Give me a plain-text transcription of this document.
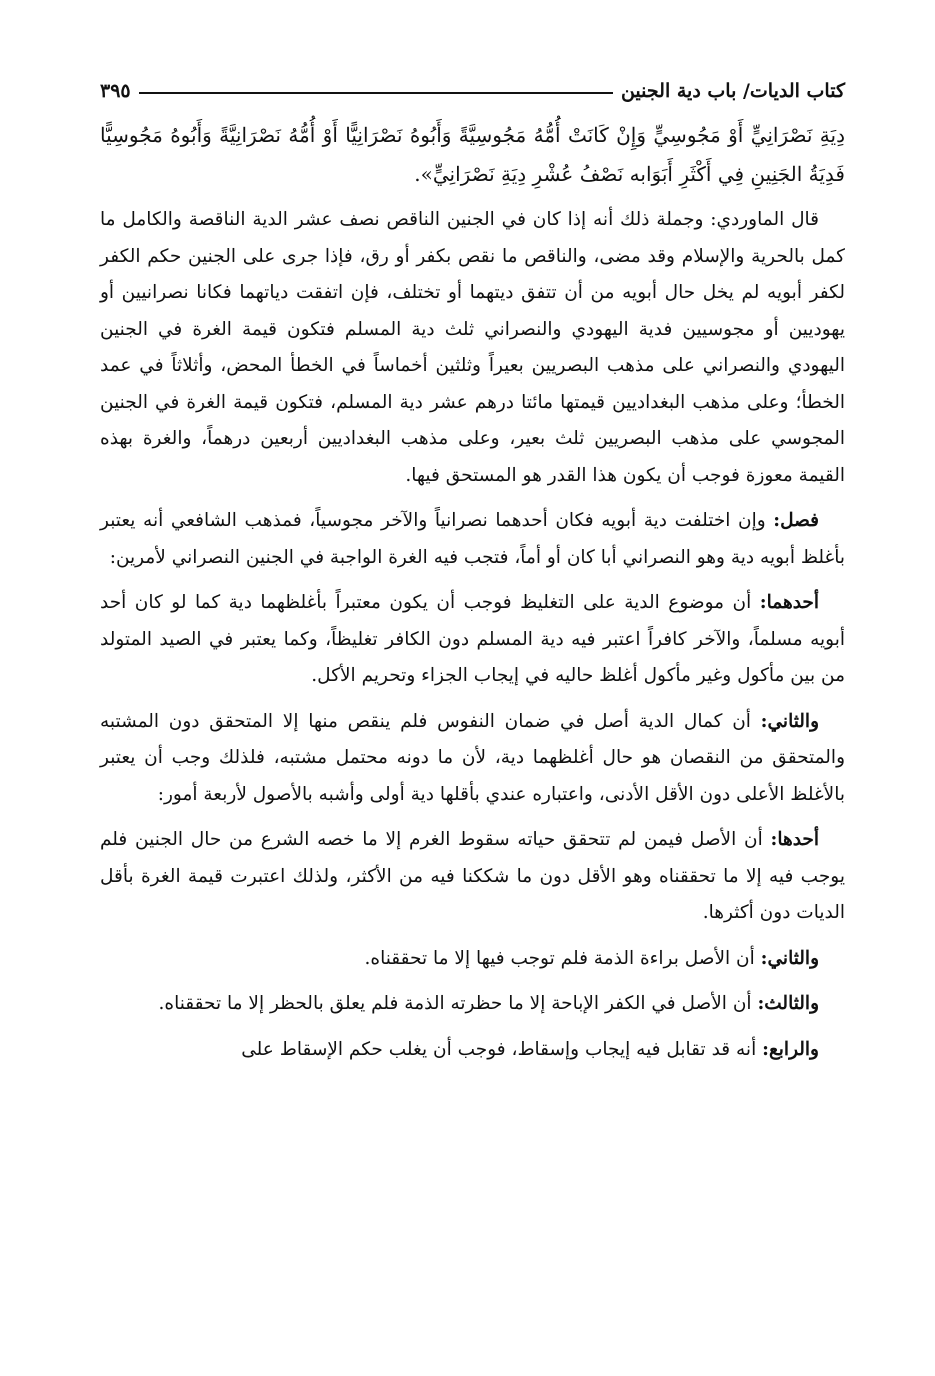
كتاب الديات/ باب دية الجنين
٣٩٥
دِيَةِ نَصْرَانِيٍّ أَوْ مَجُوسِيٍّ وَإِنْ كَانَتْ أُمُّهُ مَجُوسِيَّةً وَأَبُوهُ نَصْرَانِيًّا أَوْ أُمُّهُ نَصْرَانِيَّةً وَأَبُوهُ مَجُوسِيًّا فَدِيَةُ الجَنِينِ فِي أَكْثَرِ أَبَوَابه نَصْفُ عُشْرِ دِيَةِ نَصْرَانِيٍّ».

قال الماوردي: وجملة ذلك أنه إذا كان في الجنين الناقص نصف عشر الدية الناقصة والكامل ما كمل بالحرية والإسلام وقد مضى، والناقص ما نقص بكفر أو رق، فإذا جرى على الجنين حكم الكفر لكفر أبويه لم يخل حال أبويه من أن تتفق ديتهما أو تختلف، فإن اتفقت دياتهما فكانا نصرانيين أو يهوديين أو مجوسيين فدية اليهودي والنصراني ثلث دية المسلم فتكون قيمة الغرة في الجنين اليهودي والنصراني على مذهب البصريين بعيراً وثلثين أخماساً في الخطأ المحض، وأثلاثاً في عمد الخطأ؛ وعلى مذهب البغداديين قيمتها مائتا درهم عشر دية المسلم، فتكون قيمة الغرة في الجنين المجوسي على مذهب البصريين ثلث بعير، وعلى مذهب البغداديين أربعين درهماً، والغرة بهذه القيمة معوزة فوجب أن يكون هذا القدر هو المستحق فيها.

فصل: وإن اختلفت دية أبويه فكان أحدهما نصرانياً والآخر مجوسياً، فمذهب الشافعي أنه يعتبر بأغلظ أبويه دية وهو النصراني أبا كان أو أماً، فتجب فيه الغرة الواجبة في الجنين النصراني لأمرين:

أحدهما: أن موضوع الدية على التغليظ فوجب أن يكون معتبراً بأغلظهما دية كما لو كان أحد أبويه مسلماً، والآخر كافراً اعتبر فيه دية المسلم دون الكافر تغليظاً، وكما يعتبر في الصيد المتولد من بين مأكول وغير مأكول أغلظ حاليه في إيجاب الجزاء وتحريم الأكل.

والثاني: أن كمال الدية أصل في ضمان النفوس فلم ينقص منها إلا المتحقق دون المشتبه والمتحقق من النقصان هو حال أغلظهما دية، لأن ما دونه محتمل مشتبه، فلذلك وجب أن يعتبر بالأغلظ الأعلى دون الأقل الأدنى، واعتباره عندي بأقلها دية أولى وأشبه بالأصول لأربعة أمور:

أحدها: أن الأصل فيمن لم تتحقق حياته سقوط الغرم إلا ما خصه الشرع من حال الجنين فلم يوجب فيه إلا ما تحققناه وهو الأقل دون ما شككنا فيه من الأكثر، ولذلك اعتبرت قيمة الغرة بأقل الديات دون أكثرها.

والثاني: أن الأصل براءة الذمة فلم توجب فيها إلا ما تحققناه.

والثالث: أن الأصل في الكفر الإباحة إلا ما حظرته الذمة فلم يعلق بالحظر إلا ما تحققناه.

والرابع: أنه قد تقابل فيه إيجاب وإسقاط، فوجب أن يغلب حكم الإسقاط على
